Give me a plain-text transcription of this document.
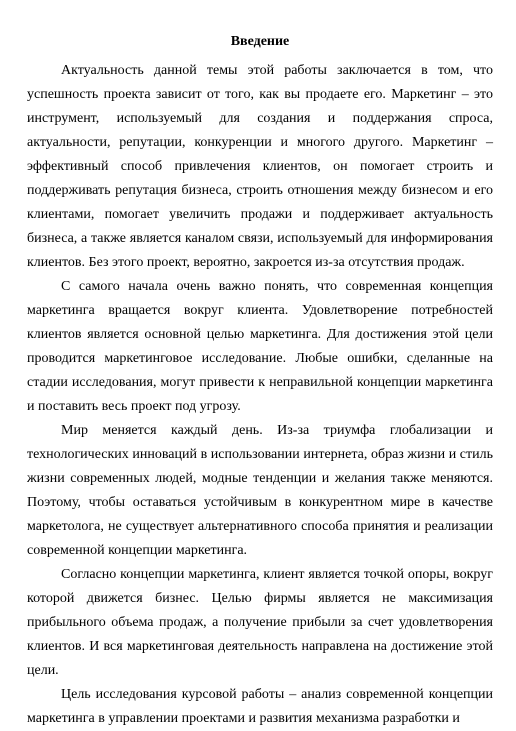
Введение

Актуальность данной темы этой работы заключается в том, что успешность проекта зависит от того, как вы продаете его. Маркетинг – это инструмент, используемый для создания и поддержания спроса, актуальности, репутации, конкуренции и многого другого. Маркетинг – эффективный способ привлечения клиентов, он помогает строить и поддерживать репутация бизнеса, строить отношения между бизнесом и его клиентами, помогает увеличить продажи и поддерживает актуальность бизнеса, а также является каналом связи, используемый для информирования клиентов. Без этого проект, вероятно, закроется из-за отсутствия продаж.

С самого начала очень важно понять, что современная концепция маркетинга вращается вокруг клиента. Удовлетворение потребностей клиентов является основной целью маркетинга. Для достижения этой цели проводится маркетинговое исследование. Любые ошибки, сделанные на стадии исследования, могут привести к неправильной концепции маркетинга и поставить весь проект под угрозу.

Мир меняется каждый день. Из-за триумфа глобализации и технологических инноваций в использовании интернета, образ жизни и стиль жизни современных людей, модные тенденции и желания также меняются. Поэтому, чтобы оставаться устойчивым в конкурентном мире в качестве маркетолога, не существует альтернативного способа принятия и реализации современной концепции маркетинга.

Согласно концепции маркетинга, клиент является точкой опоры, вокруг которой движется бизнес. Целью фирмы является не максимизация прибыльного объема продаж, а получение прибыли за счет удовлетворения клиентов. И вся маркетинговая деятельность направлена на достижение этой цели.

Цель исследования курсовой работы – анализ современной концепции маркетинга в управлении проектами и развития механизма разработки и
